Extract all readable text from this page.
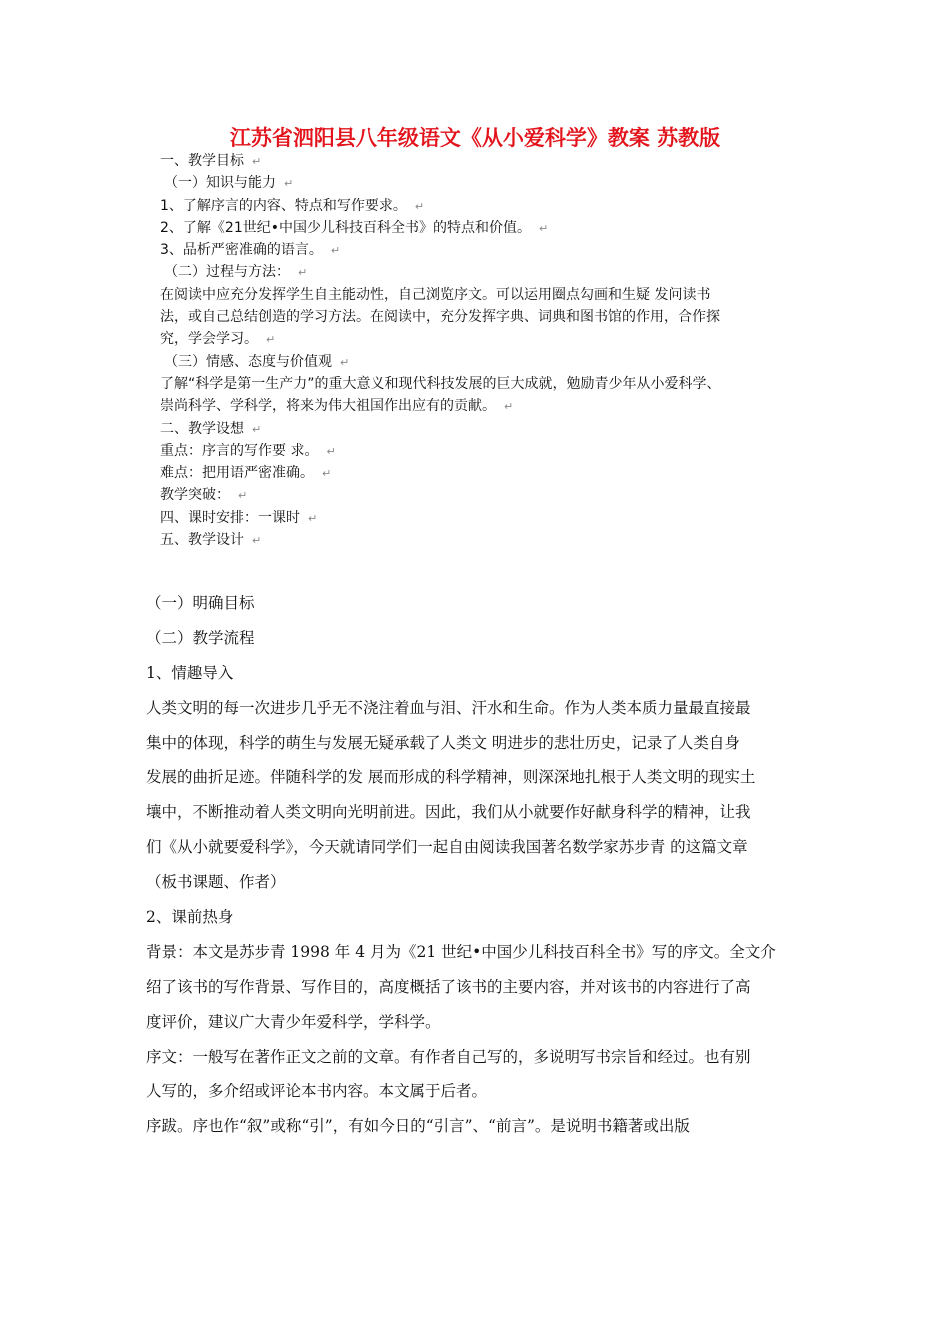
江苏省泗阳县八年级语文《从小爱科学》教案 苏教版
一、教学目标 ↵
（一）知识与能力 ↵
1、了解序言的内容、特点和写作要求。 ↵
2、了解《21世纪•中国少儿科技百科全书》的特点和价值。 ↵
3、品析严密准确的语言。 ↵
（二）过程与方法： ↵
在阅读中应充分发挥学生自主能动性，自己浏览序文。可以运用圈点勾画和生疑 发问读书
法，或自己总结创造的学习方法。在阅读中，充分发挥字典、词典和图书馆的作用，合作探
究，学会学习。 ↵
（三）情感、态度与价值观 ↵
了解“科学是第一生产力”的重大意义和现代科技发展的巨大成就，勉励青少年从小爱科学、
崇尚科学、学科学，将来为伟大祖国作出应有的贡献。 ↵
二、教学设想 ↵
重点：序言的写作要 求。 ↵
难点：把用语严密准确。 ↵
教学突破： ↵
四、课时安排：一课时 ↵
五、教学设计 ↵
（一）明确目标
（二）教学流程
1、情趣导入
人类文明的每一次进步几乎无不浇注着血与泪、汗水和生命。作为人类本质力量最直接最
集中的体现，科学的萌生与发展无疑承载了人类文 明进步的悲壮历史，记录了人类自身
发展的曲折足迹。伴随科学的发 展而形成的科学精神，则深深地扎根于人类文明的现实土
壤中，不断推动着人类文明向光明前进。因此，我们从小就要作好献身科学的精神，让我
们《从小就要爱科学》，今天就请同学们一起自由阅读我国著名数学家苏步青 的这篇文章
（板书课题、作者）
2、课前热身
背景：本文是苏步青 1998 年 4 月为《21 世纪•中国少儿科技百科全书》写的序文。全文介
绍了该书的写作背景、写作目的，高度概括了该书的主要内容，并对该书的内容进行了高
度评价，建议广大青少年爱科学，学科学。
序文：一般写在著作正文之前的文章。有作者自己写的，多说明写书宗旨和经过。也有别
人写的，多介绍或评论本书内容。本文属于后者。
序跋。序也作“叙”或称“引”，有如今日的“引言”、“前言”。是说明书籍著或出版
